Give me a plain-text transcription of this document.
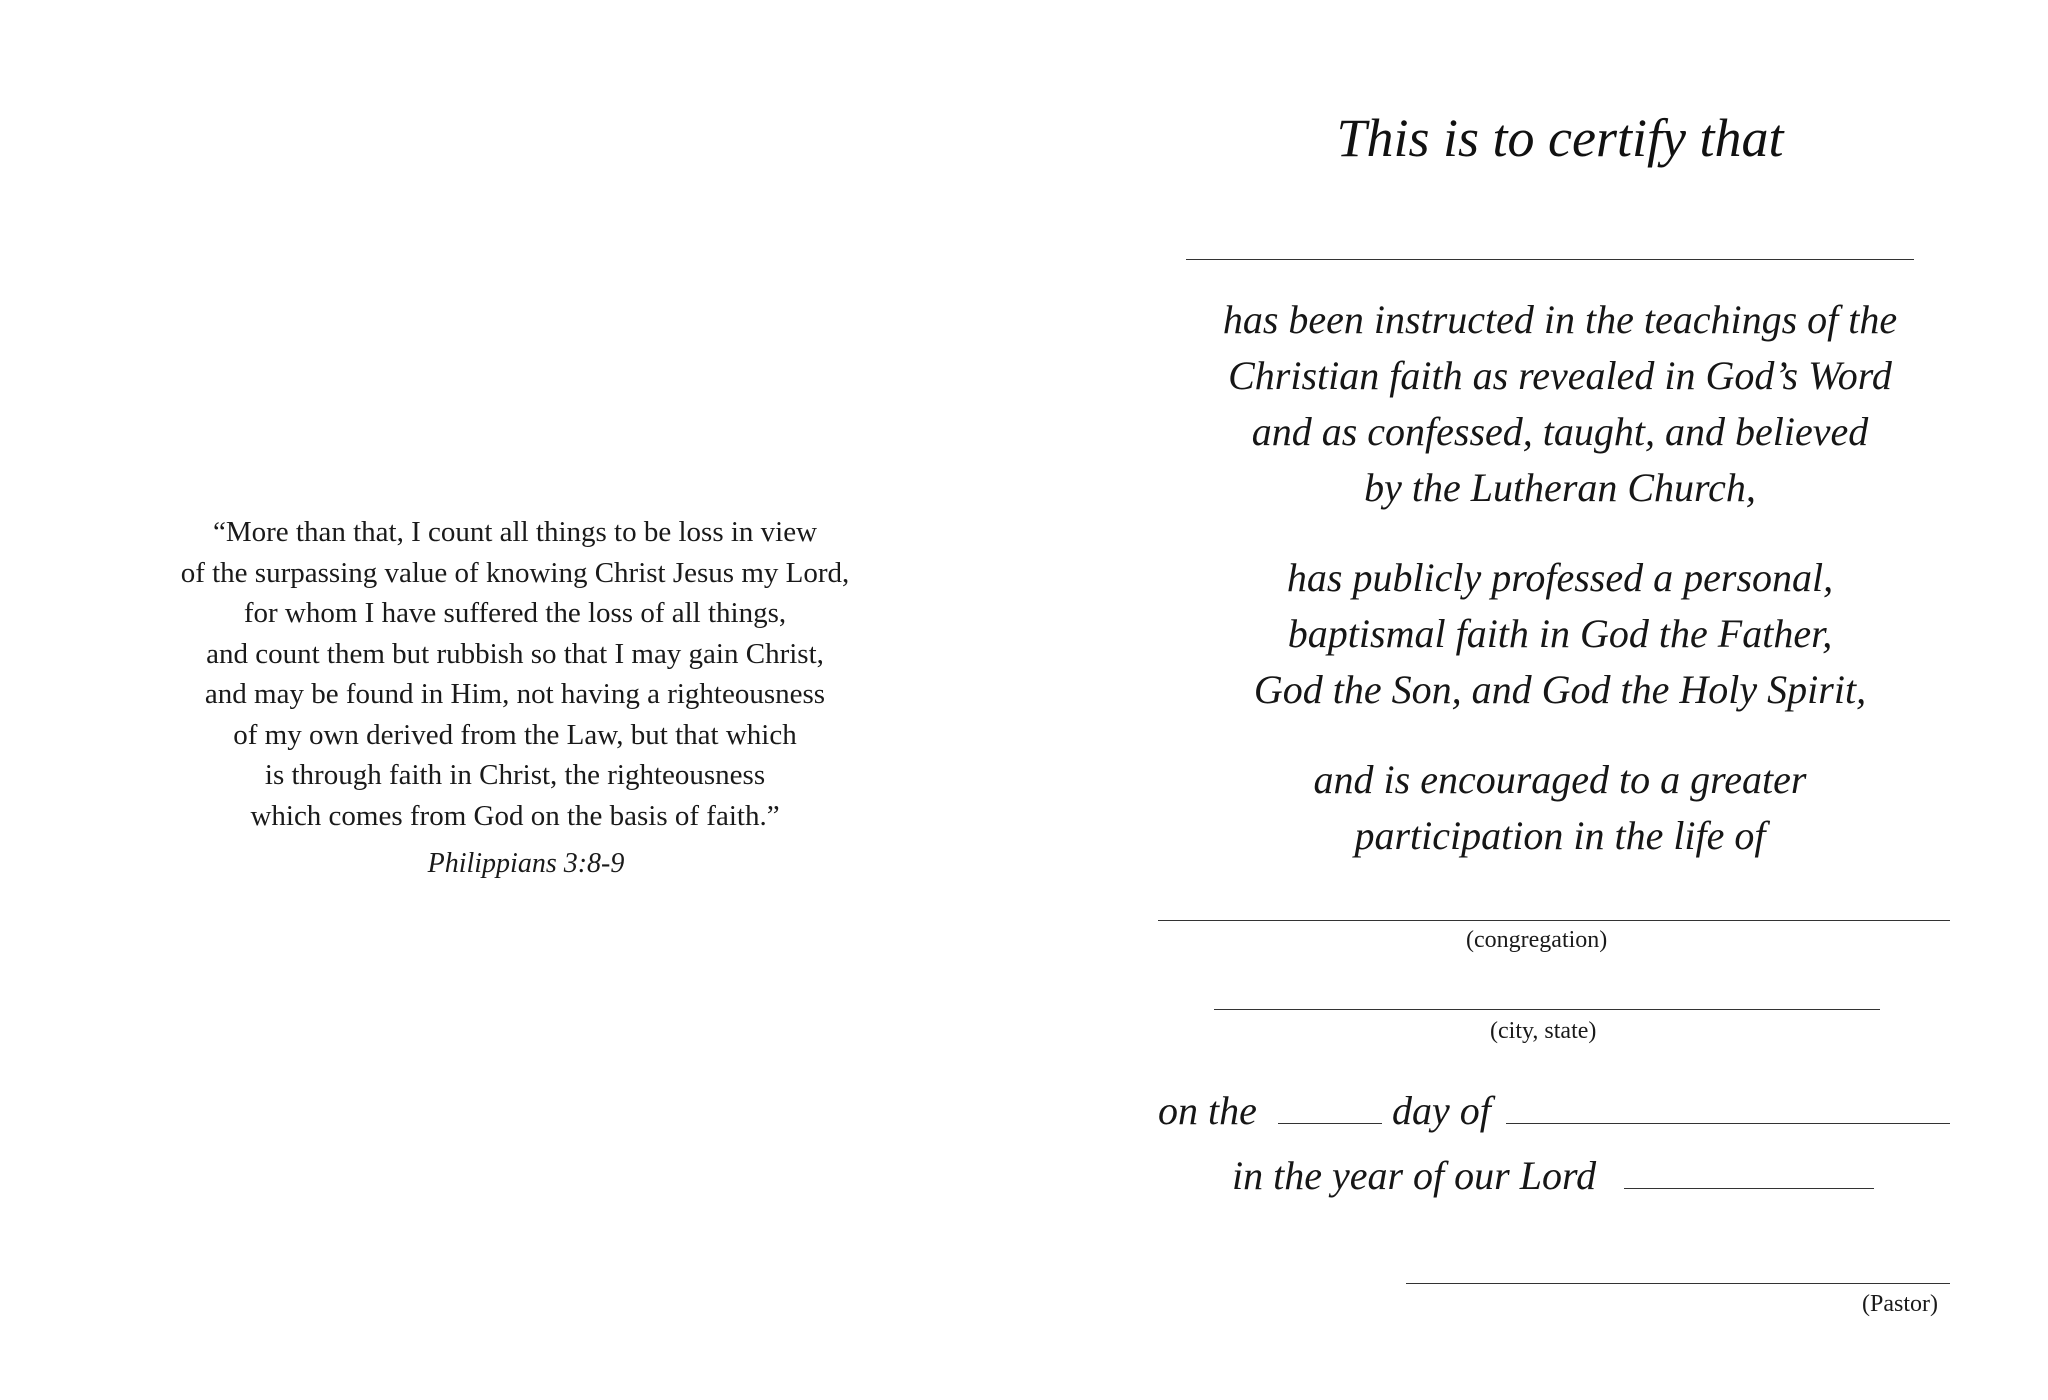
“More than that, I count all things to be loss in view
of the surpassing value of knowing Christ Jesus my Lord,
for whom I have suffered the loss of all things,
and count them but rubbish so that I may gain Christ,
and may be found in Him, not having a righteousness
of my own derived from the Law, but that which
is through faith in Christ, the righteousness
which comes from God on the basis of faith.”
Philippians 3:8-9
This is to certify that
has been instructed in the teachings of the
Christian faith as revealed in God’s Word
and as confessed, taught, and believed
by the Lutheran Church,
has publicly professed a personal,
baptismal faith in God the Father,
God the Son, and God the Holy Spirit,
and is encouraged to a greater
participation in the life of
(congregation)
(city, state)
on the	day of
in the year of our Lord
(Pastor)
